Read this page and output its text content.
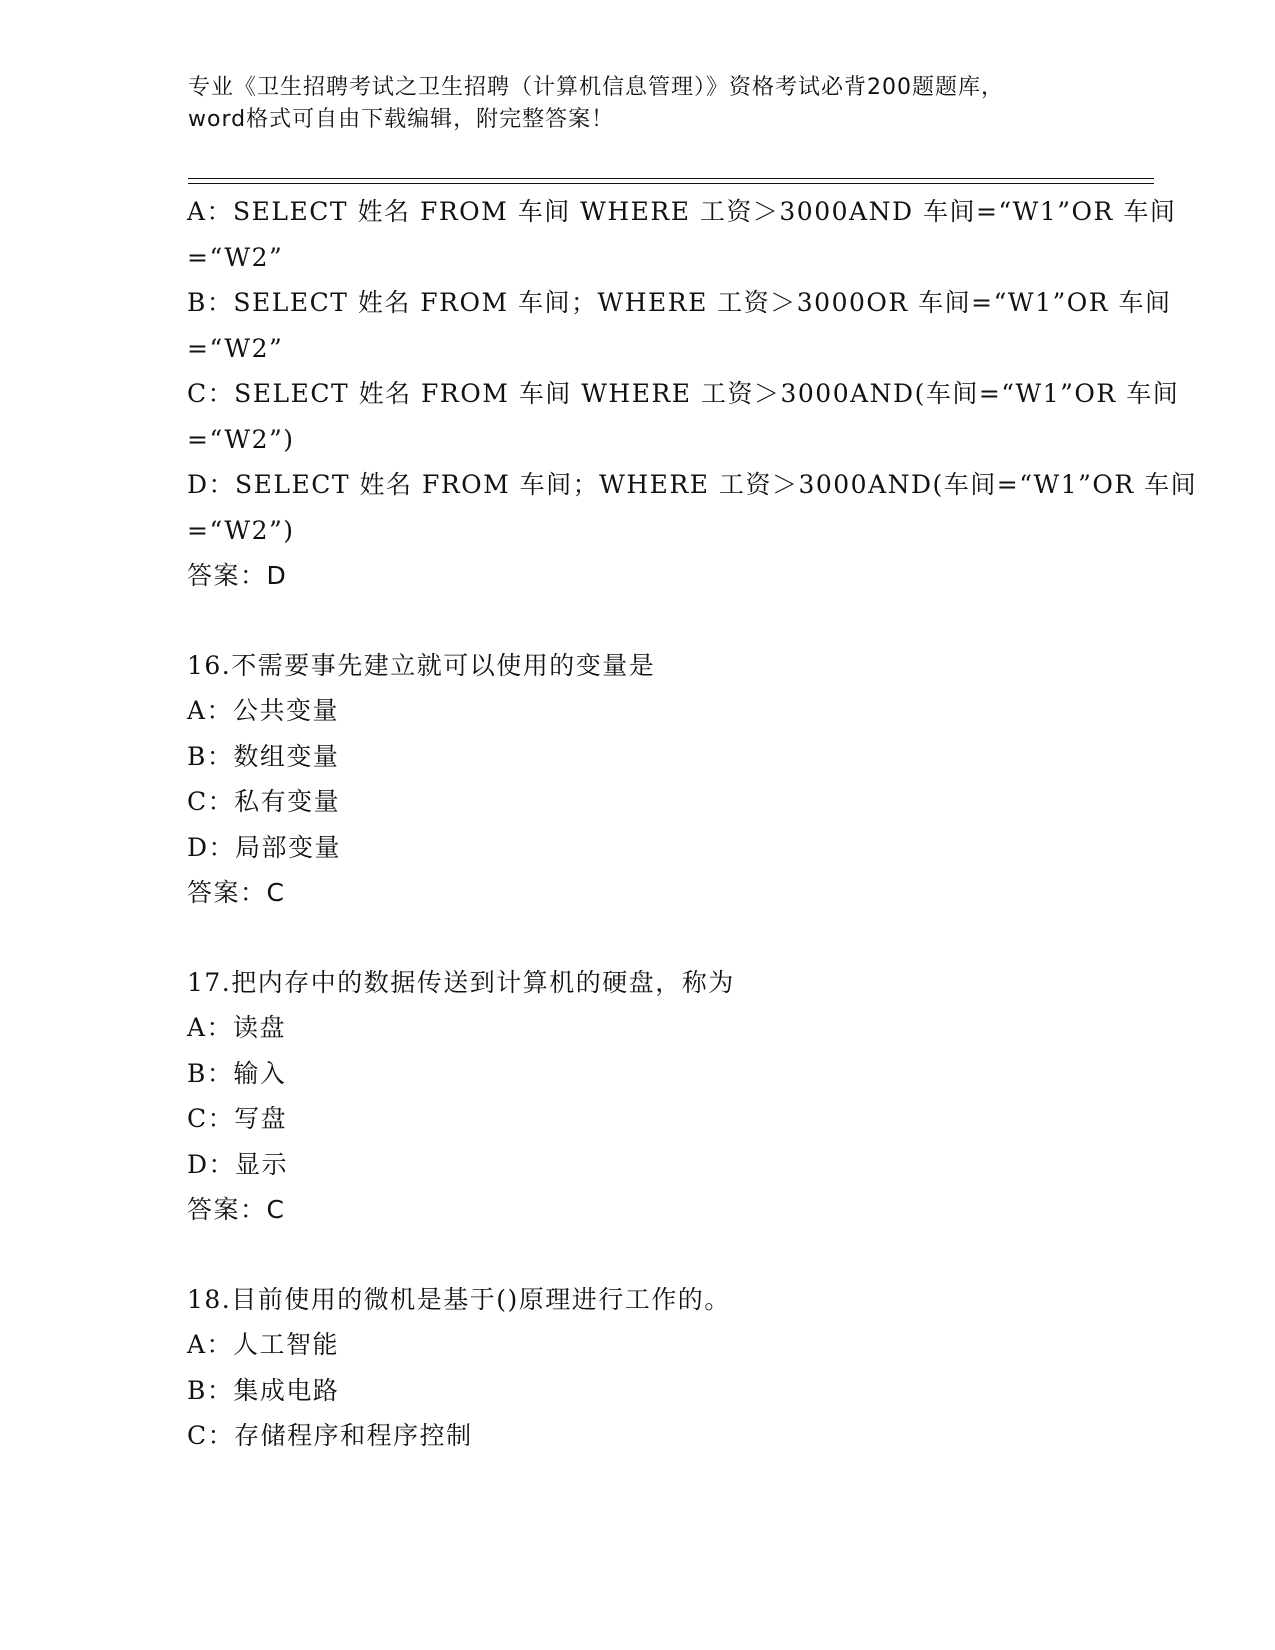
专业《卫生招聘考试之卫生招聘（计算机信息管理）》资格考试必背200题题库，
word格式可自由下载编辑，附完整答案！
A：SELECT 姓名 FROM 车间 WHERE 工资＞3000AND 车间=“W1”OR 车间
=“W2”
B：SELECT 姓名 FROM 车间；WHERE 工资＞3000OR 车间=“W1”OR 车间
=“W2”
C：SELECT 姓名 FROM 车间 WHERE 工资＞3000AND(车间=“W1”OR 车间
=“W2”)
D：SELECT 姓名 FROM 车间；WHERE 工资＞3000AND(车间=“W1”OR 车间
=“W2”)
答案：D
16.不需要事先建立就可以使用的变量是
A：公共变量
B：数组变量
C：私有变量
D：局部变量
答案：C
17.把内存中的数据传送到计算机的硬盘，称为
A：读盘
B：输入
C：写盘
D：显示
答案：C
18.目前使用的微机是基于()原理进行工作的。
A：人工智能
B：集成电路
C：存储程序和程序控制
